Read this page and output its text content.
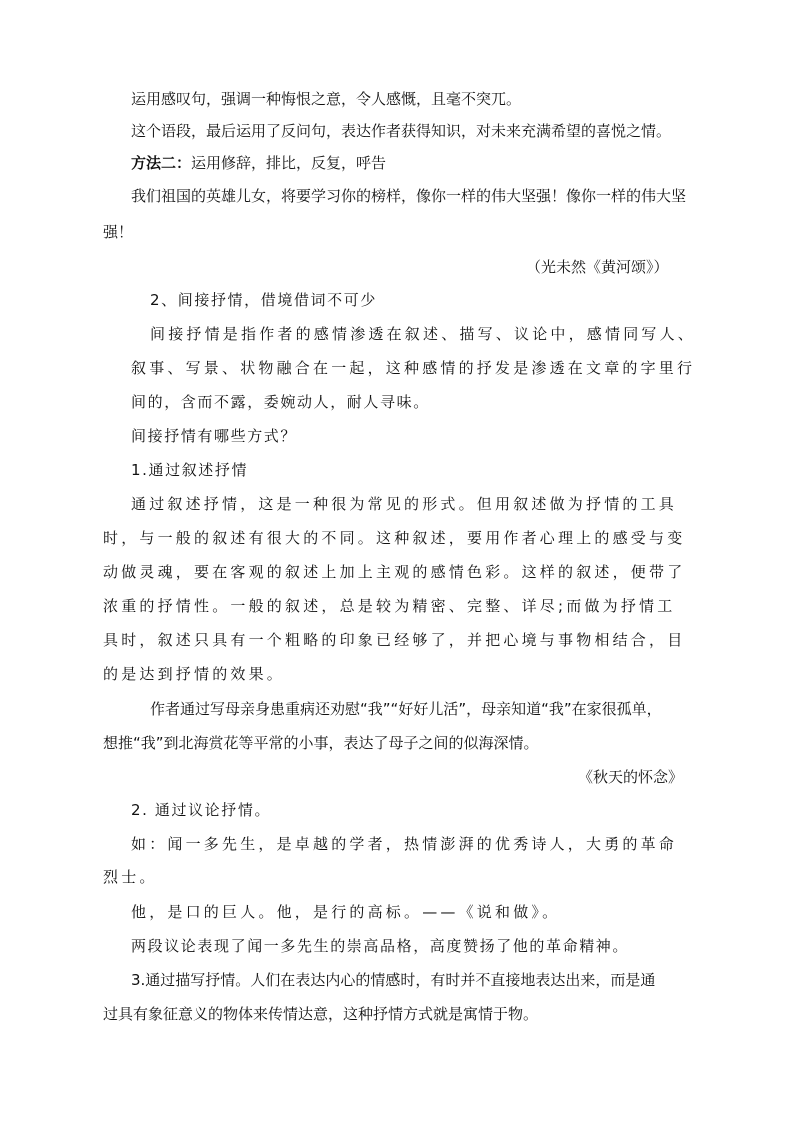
运用感叹句，强调一种悔恨之意，令人感慨，且毫不突兀。
这个语段，最后运用了反问句，表达作者获得知识，对未来充满希望的喜悦之情。
方法二：运用修辞，排比，反复，呼告
我们祖国的英雄儿女，将要学习你的榜样，像你一样的伟大坚强！像你一样的伟大坚
强！
（光未然《黄河颂》）
2、间接抒情，借境借词不可少
间接抒情是指作者的感情渗透在叙述、描写、议论中，感情同写人、
叙事、写景、状物融合在一起，这种感情的抒发是渗透在文章的字里行
间的，含而不露，委婉动人，耐人寻味。
间接抒情有哪些方式？
1.通过叙述抒情
通过叙述抒情，这是一种很为常见的形式。但用叙述做为抒情的工具
时，与一般的叙述有很大的不同。这种叙述，要用作者心理上的感受与变
动做灵魂，要在客观的叙述上加上主观的感情色彩。这样的叙述，便带了
浓重的抒情性。一般的叙述，总是较为精密、完整、详尽;而做为抒情工
具时，叙述只具有一个粗略的印象已经够了，并把心境与事物相结合，目
的是达到抒情的效果。
作者通过写母亲身患重病还劝慰“我”“好好儿活”，母亲知道“我”在家很孤单，
想推“我”到北海赏花等平常的小事，表达了母子之间的似海深情。
《秋天的怀念》
2. 通过议论抒情。
如：闻一多先生，是卓越的学者，热情澎湃的优秀诗人，大勇的革命
烈士。
他，是口的巨人。他，是行的高标。——《说和做》。
两段议论表现了闻一多先生的崇高品格，高度赞扬了他的革命精神。
3.通过描写抒情。人们在表达内心的情感时，有时并不直接地表达出来，而是通
过具有象征意义的物体来传情达意，这种抒情方式就是寓情于物。
